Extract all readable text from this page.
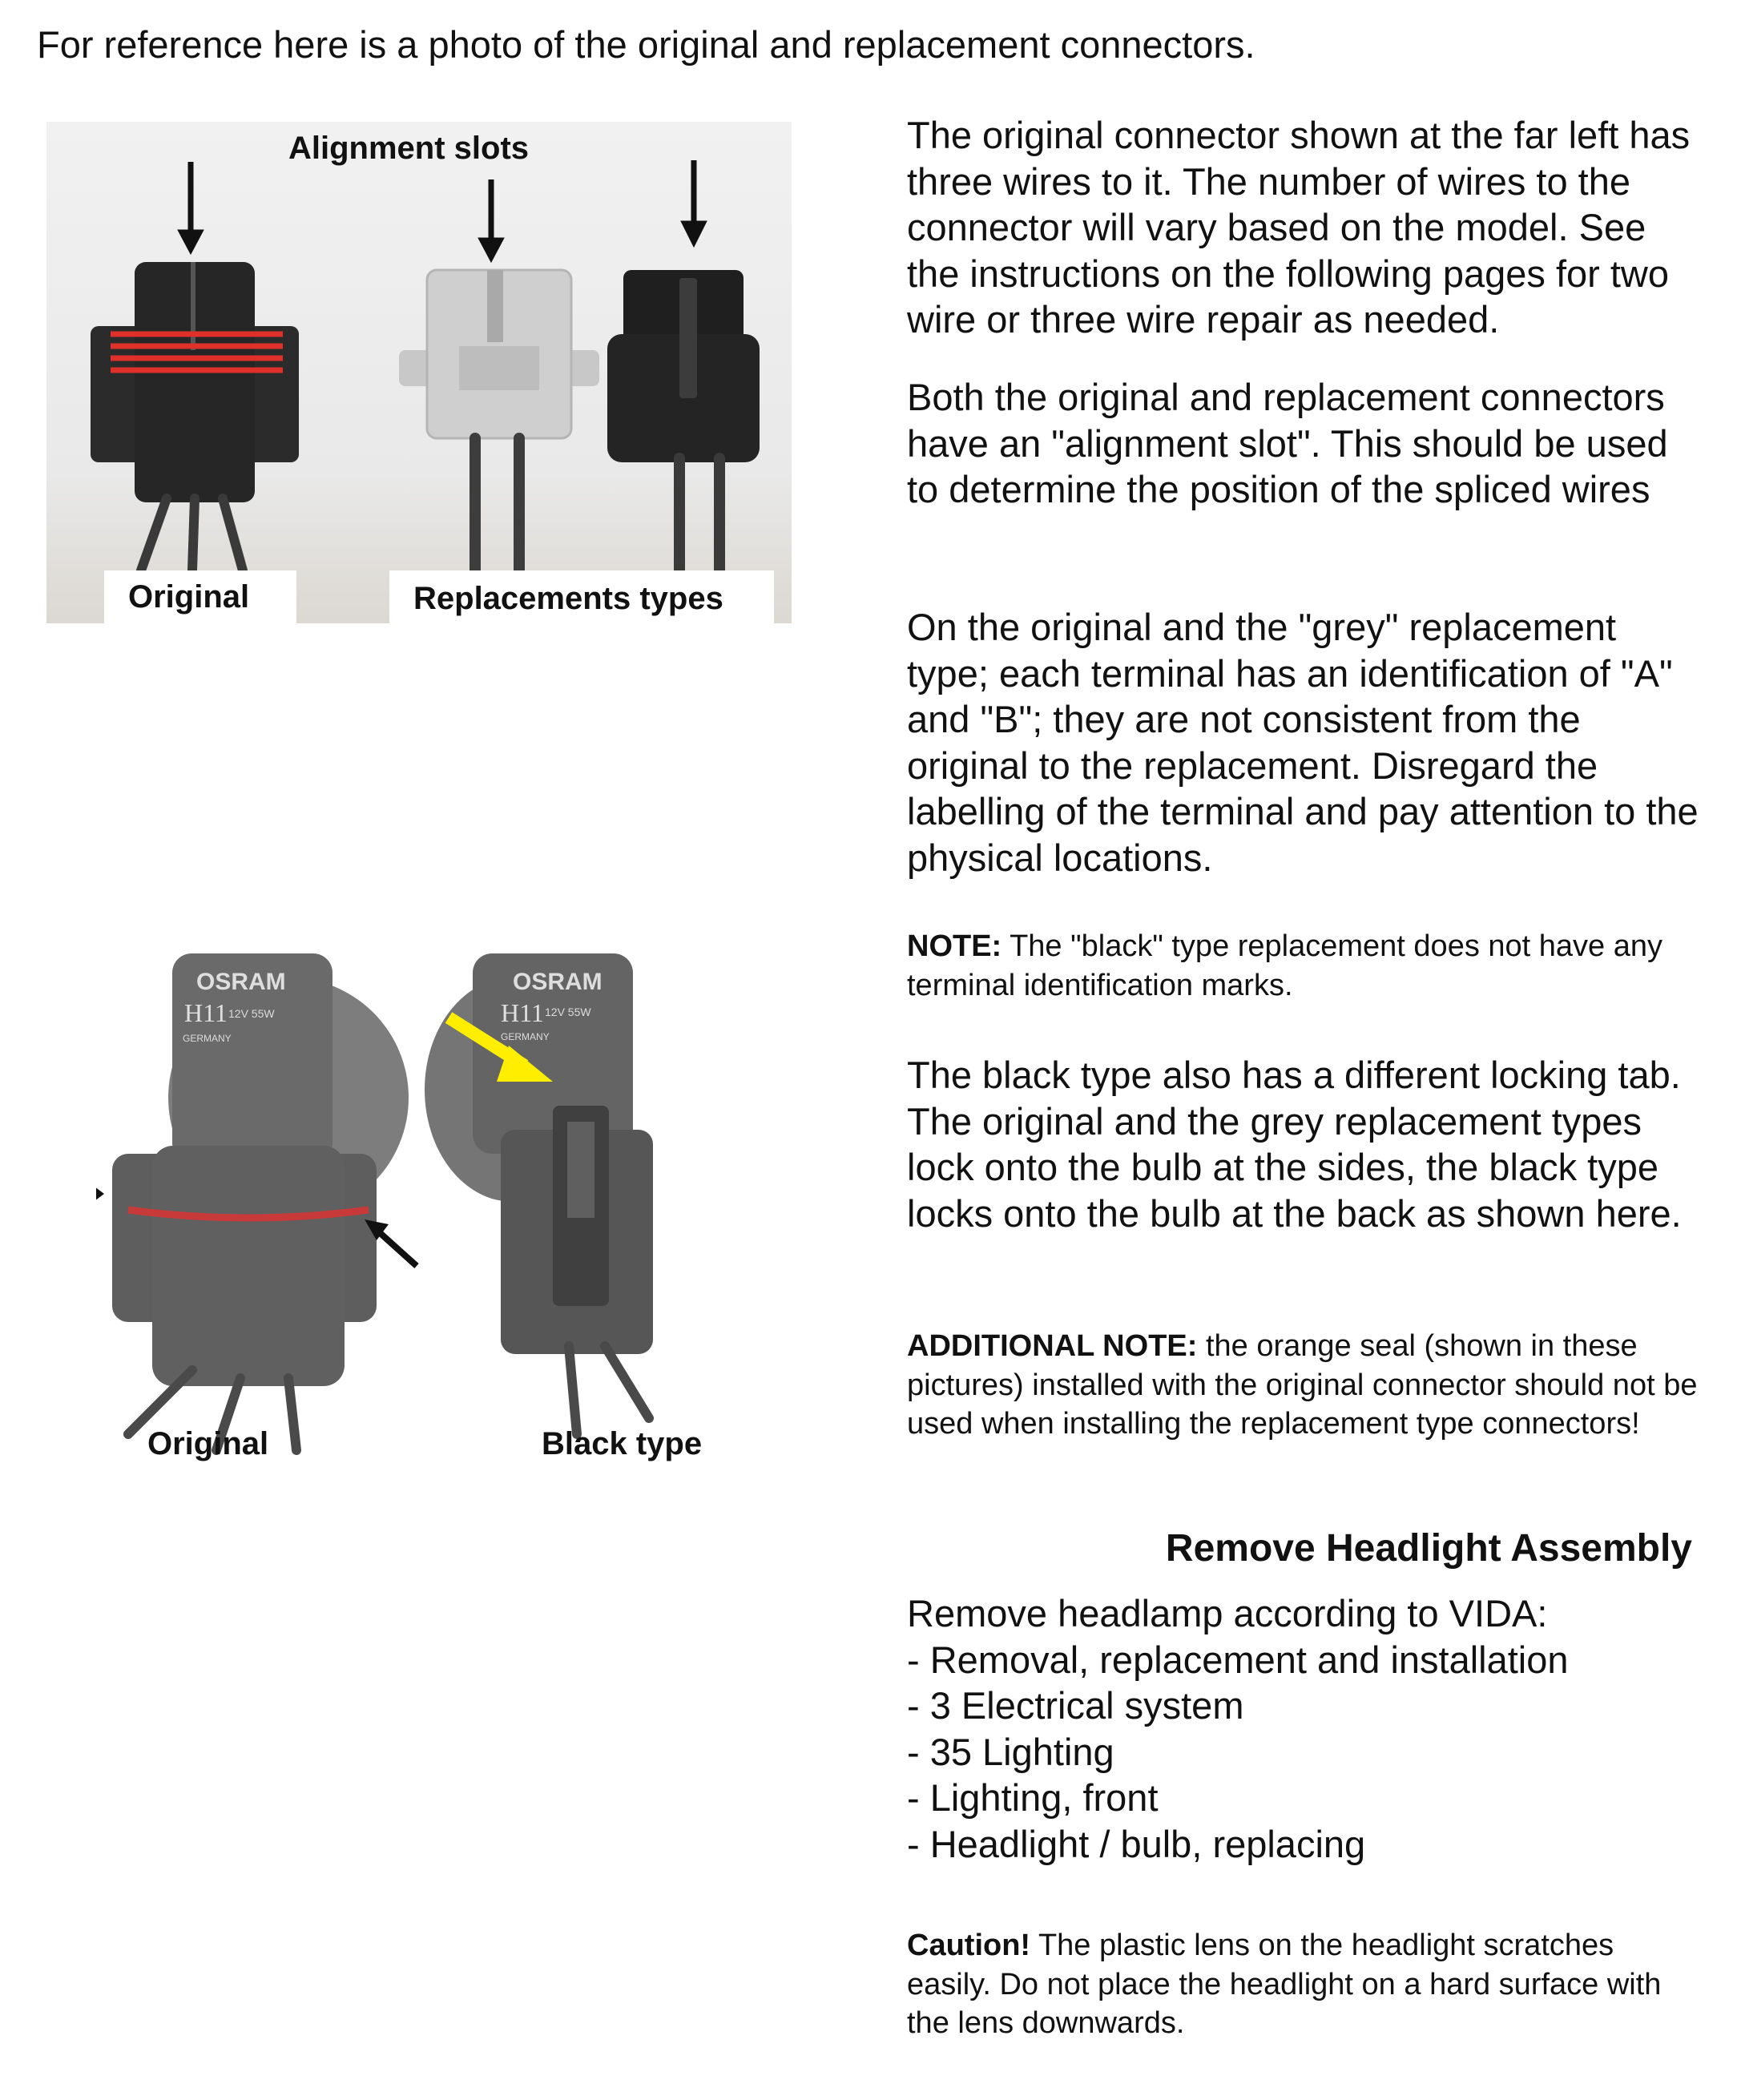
For reference here is a photo of the original and replacement connectors.
Alignment slots
Original	Replacements types
OSRAM
H11 12V 55W
GERMANY
OSRAM
H11 12V 55W
GERMANY
Original	Black type

The original connector shown at the far left has three wires to it. The number of wires to the connector will vary based on the model. See the instructions on the following pages for two wire or three wire repair as needed.

Both the original and replacement connectors have an "alignment slot". This should be used to determine the position of the spliced wires

On the original and the "grey" replacement type; each terminal has an identification of "A" and "B"; they are not consistent from the original to the replacement. Disregard the labelling of the terminal and pay attention to the physical locations.

NOTE: The "black" type replacement does not have any terminal identification marks.

The black type also has a different locking tab. The original and the grey replacement types lock onto the bulb at the sides, the black type locks onto the bulb at the back as shown here.

ADDITIONAL NOTE: the orange seal (shown in these pictures) installed with the original connector should not be used when installing the replacement type connectors!

Remove Headlight Assembly
Remove headlamp according to VIDA:
- Removal, replacement and installation
- 3 Electrical system
- 35 Lighting
- Lighting, front
- Headlight / bulb, replacing

Caution! The plastic lens on the headlight scratches easily. Do not place the headlight on a hard surface with the lens downwards.
